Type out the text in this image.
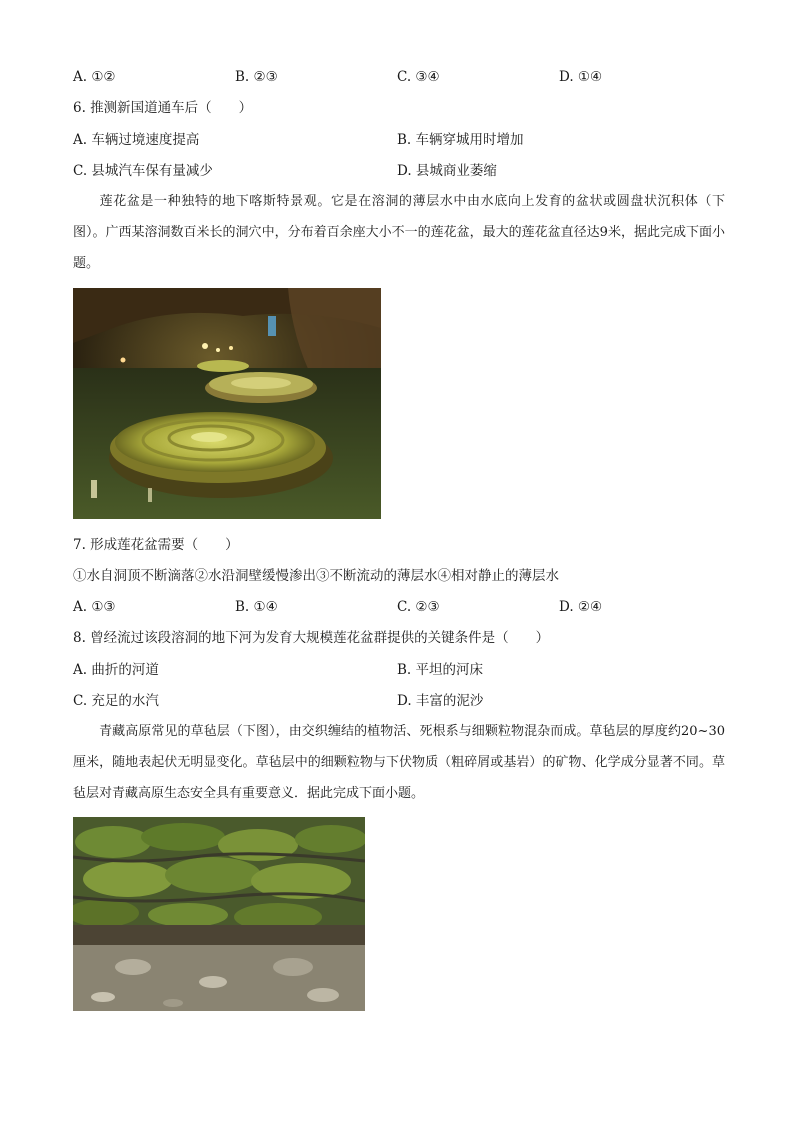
A. ①②	B. ②③	C. ③④	D. ①④
6. 推测新国道通车后（　　）
A. 车辆过境速度提高	B. 车辆穿城用时增加
C. 县城汽车保有量减少	D. 县城商业萎缩
莲花盆是一种独特的地下喀斯特景观。它是在溶洞的薄层水中由水底向上发育的盆状或圆盘状沉积体（下图）。广西某溶洞数百米长的洞穴中，分布着百余座大小不一的莲花盆，最大的莲花盆直径达9米，据此完成下面小题。
7. 形成莲花盆需要（　　）
①水自洞顶不断滴落②水沿洞壁缓慢渗出③不断流动的薄层水④相对静止的薄层水
A. ①③	B. ①④	C. ②③	D. ②④
8. 曾经流过该段溶洞的地下河为发育大规模莲花盆群提供的关键条件是（　　）
A. 曲折的河道	B. 平坦的河床
C. 充足的水汽	D. 丰富的泥沙
青藏高原常见的草毡层（下图），由交织缠结的植物活、死根系与细颗粒物混杂而成。草毡层的厚度约20~30厘米，随地表起伏无明显变化。草毡层中的细颗粒物与下伏物质（粗碎屑或基岩）的矿物、化学成分显著不同。草毡层对青藏高原生态安全具有重要意义．据此完成下面小题。
